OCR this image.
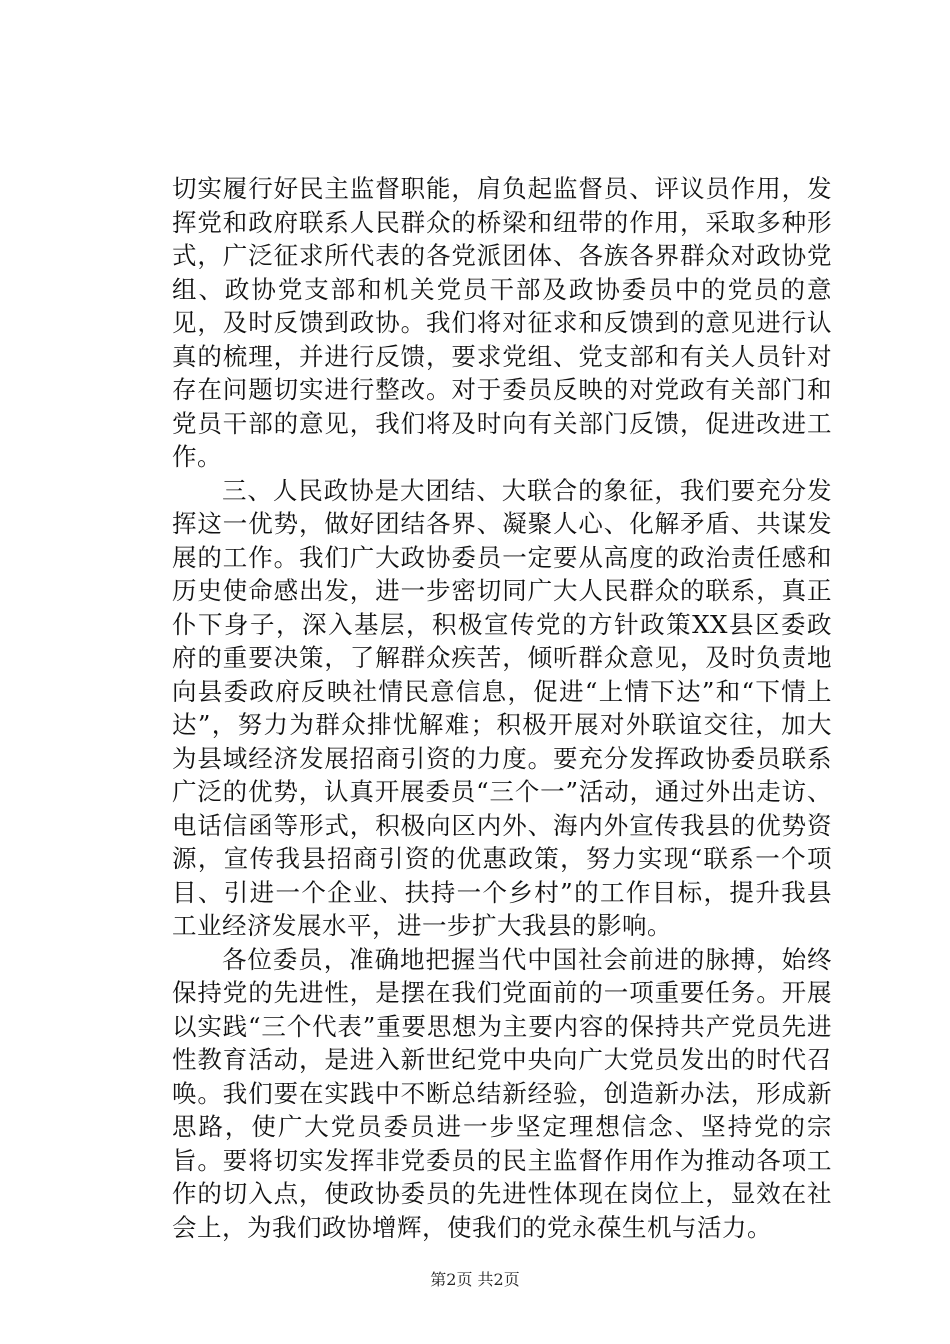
切实履行好民主监督职能，肩负起监督员、评议员作用，发挥党和政府联系人民群众的桥梁和纽带的作用，采取多种形式，广泛征求所代表的各党派团体、各族各界群众对政协党组、政协党支部和机关党员干部及政协委员中的党员的意见，及时反馈到政协。我们将对征求和反馈到的意见进行认真的梳理，并进行反馈，要求党组、党支部和有关人员针对存在问题切实进行整改。对于委员反映的对党政有关部门和党员干部的意见，我们将及时向有关部门反馈，促进改进工作。

三、人民政协是大团结、大联合的象征，我们要充分发挥这一优势，做好团结各界、凝聚人心、化解矛盾、共谋发展的工作。我们广大政协委员一定要从高度的政治责任感和历史使命感出发，进一步密切同广大人民群众的联系，真正仆下身子，深入基层，积极宣传党的方针政策XX县区委政府的重要决策，了解群众疾苦，倾听群众意见，及时负责地向县委政府反映社情民意信息，促进“上情下达”和“下情上达”，努力为群众排忧解难；积极开展对外联谊交往，加大为县域经济发展招商引资的力度。要充分发挥政协委员联系广泛的优势，认真开展委员“三个一”活动，通过外出走访、电话信函等形式，积极向区内外、海内外宣传我县的优势资源，宣传我县招商引资的优惠政策，努力实现“联系一个项目、引进一个企业、扶持一个乡村”的工作目标，提升我县工业经济发展水平，进一步扩大我县的影响。

各位委员，准确地把握当代中国社会前进的脉搏，始终保持党的先进性，是摆在我们党面前的一项重要任务。开展以实践“三个代表”重要思想为主要内容的保持共产党员先进性教育活动，是进入新世纪党中央向广大党员发出的时代召唤。我们要在实践中不断总结新经验，创造新办法，形成新思路，使广大党员委员进一步坚定理想信念、坚持党的宗旨。要将切实发挥非党委员的民主监督作用作为推动各项工作的切入点，使政协委员的先进性体现在岗位上，显效在社会上，为我们政协增辉，使我们的党永葆生机与活力。

第2页 共2页
